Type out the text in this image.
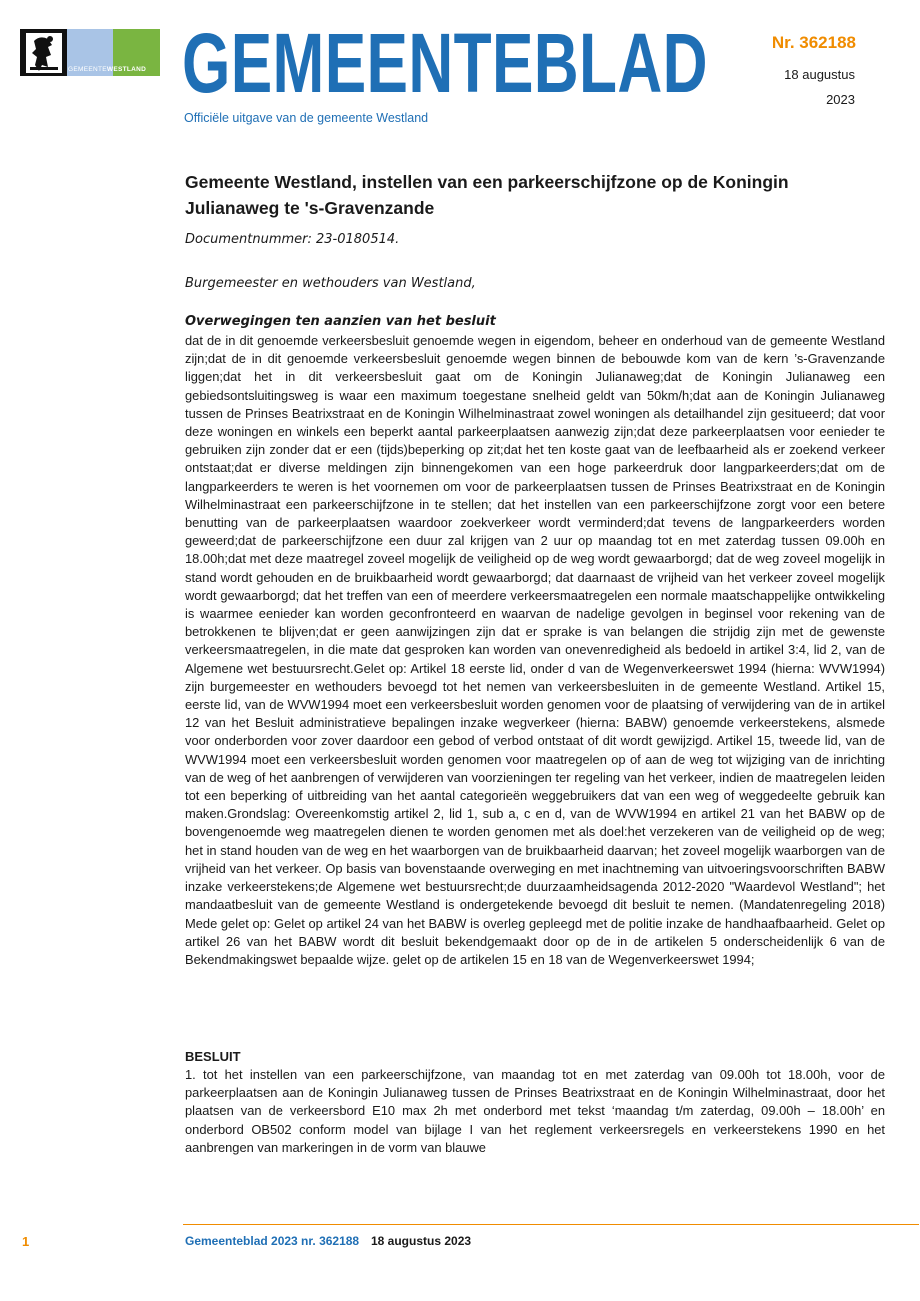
GEMEENTEWESTLAND GEMEENTEBLAD
Officiële uitgave van de gemeente Westland
Nr. 362188
18 augustus
2023
Gemeente Westland, instellen van een parkeerschijfzone op de Koningin Julianaweg te 's-Gravenzande
Documentnummer: 23-0180514.
Burgemeester en wethouders van Westland,
Overwegingen ten aanzien van het besluit

dat de in dit genoemde verkeersbesluit genoemde wegen in eigendom, beheer en onderhoud van de gemeente Westland zijn;dat de in dit genoemde verkeersbesluit genoemde wegen binnen de bebouwde kom van de kern ’s-Gravenzande liggen;dat het in dit verkeersbesluit gaat om de Koningin Julianaweg;dat de Koningin Julianaweg een gebiedsontsluitingsweg is waar een maximum toegestane snelheid geldt van 50km/h;dat aan de Koningin Julianaweg tussen de Prinses Beatrixstraat en de Koningin Wilhelminastraat zowel woningen als detailhandel zijn gesitueerd; dat voor deze woningen en winkels een beperkt aantal parkeerplaatsen aanwezig zijn;dat deze parkeerplaatsen voor eenieder te gebruiken zijn zonder dat er een (tijds)beperking op zit;dat het ten koste gaat van de leefbaarheid als er zoekend verkeer ontstaat;dat er diverse meldingen zijn binnengekomen van een hoge parkeerdruk door langparkeerders;dat om de langparkeerders te weren is het voornemen om voor de parkeerplaatsen tussen de Prinses Beatrixstraat en de Koningin Wilhelminastraat een parkeerschijfzone in te stellen; dat het instellen van een parkeerschijfzone zorgt voor een betere benutting van de parkeerplaatsen waardoor zoekverkeer wordt verminderd;dat tevens de langparkeerders worden geweerd;dat de parkeerschijfzone een duur zal krijgen van 2 uur op maandag tot en met zaterdag tussen 09.00h en 18.00h;dat met deze maatregel zoveel mogelijk de veiligheid op de weg wordt gewaarborgd; dat de weg zoveel mogelijk in stand wordt gehouden en de bruikbaarheid wordt gewaarborgd; dat daarnaast de vrijheid van het verkeer zoveel mogelijk wordt gewaarborgd; dat het treffen van een of meerdere verkeersmaatregelen een normale maatschappelijke ontwikkeling is waarmee eenieder kan worden geconfronteerd en waarvan de nadelige gevolgen in beginsel voor rekening van de betrokkenen te blijven;dat er geen aanwijzingen zijn dat er sprake is van belangen die strijdig zijn met de gewenste verkeersmaatregelen, in die mate dat gesproken kan worden van onevenredigheid als bedoeld in artikel 3:4, lid 2, van de Algemene wet bestuursrecht.Gelet op: Artikel 18 eerste lid, onder d van de Wegenverkeerswet 1994 (hierna: WVW1994) zijn burgemeester en wethouders bevoegd tot het nemen van verkeersbesluiten in de gemeente Westland. Artikel 15, eerste lid, van de WVW1994 moet een verkeersbesluit worden genomen voor de plaatsing of verwijdering van de in artikel 12 van het Besluit administratieve bepalingen inzake wegverkeer (hierna: BABW) genoemde verkeerstekens, alsmede voor onderborden voor zover daardoor een gebod of verbod ontstaat of dit wordt gewijzigd. Artikel 15, tweede lid, van de WVW1994 moet een verkeersbesluit worden genomen voor maatregelen op of aan de weg tot wijziging van de inrichting van de weg of het aanbrengen of verwijderen van voorzieningen ter regeling van het verkeer, indien de maatregelen leiden tot een beperking of uitbreiding van het aantal categorieën weggebruikers dat van een weg of weggedeelte gebruik kan maken.Grondslag: Overeenkomstig artikel 2, lid 1, sub a, c en d, van de WVW1994 en artikel 21 van het BABW op de bovengenoemde weg maatregelen dienen te worden genomen met als doel:het verzekeren van de veiligheid op de weg; het in stand houden van de weg en het waarborgen van de bruikbaarheid daarvan; het zoveel mogelijk waarborgen van de vrijheid van het verkeer. Op basis van bovenstaande overweging en met inachtneming van uitvoeringsvoorschriften BABW inzake verkeerstekens;de Algemene wet bestuursrecht;de duurzaamheidsagenda 2012-2020 "Waardevol Westland"; het mandaatbesluit van de gemeente Westland is ondergetekende bevoegd dit besluit te nemen. (Mandatenregeling 2018) Mede gelet op: Gelet op artikel 24 van het BABW is overleg gepleegd met de politie inzake de handhaafbaarheid. Gelet op artikel 26 van het BABW wordt dit besluit bekendgemaakt door op de in de artikelen 5 onderscheidenlijk 6 van de Bekendmakingswet bepaalde wijze. gelet op de artikelen 15 en 18 van de Wegenverkeerswet 1994;

BESLUIT

1. tot het instellen van een parkeerschijfzone, van maandag tot en met zaterdag van 09.00h tot 18.00h, voor de parkeerplaatsen aan de Koningin Julianaweg tussen de Prinses Beatrixstraat en de Koningin Wilhelminastraat, door het plaatsen van de verkeersbord E10 max 2h met onderbord met tekst ‘maandag t/m zaterdag, 09.00h – 18.00h’ en onderbord OB502 conform model van bijlage I van het reglement verkeersregels en verkeerstekens 1990 en het aanbrengen van markeringen in de vorm van blauwe

1	Gemeenteblad 2023 nr. 362188 18 augustus 2023
